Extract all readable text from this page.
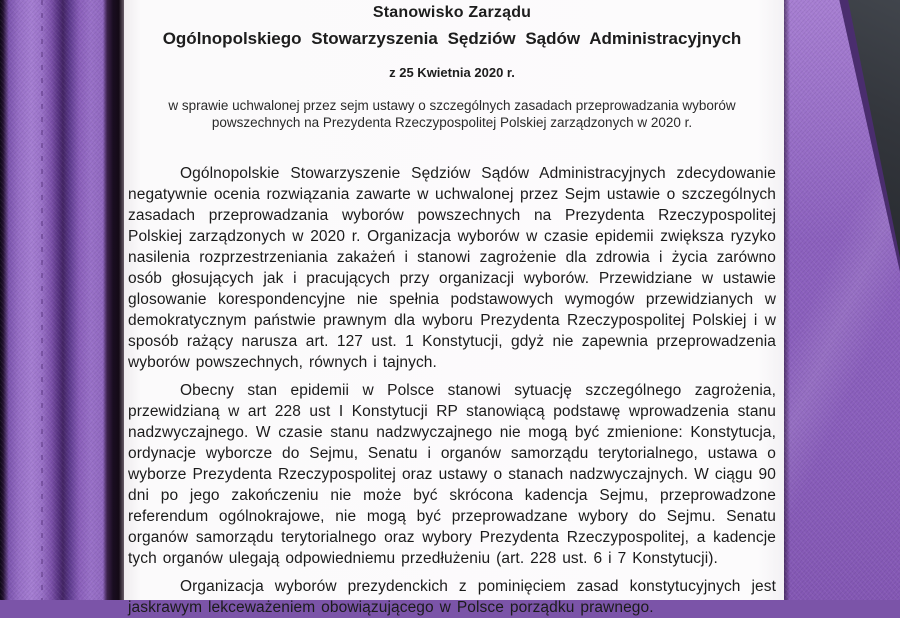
Stanowisko Zarządu
Ogólnopolskiego Stowarzyszenia Sędziów Sądów Administracyjnych
z 25 Kwietnia 2020 r.
w sprawie uchwalonej przez sejm ustawy o szczególnych zasadach przeprowadzania wyborów powszechnych na Prezydenta Rzeczypospolitej Polskiej zarządzonych w 2020 r.

Ogólnopolskie Stowarzyszenie Sędziów Sądów Administracyjnych zdecydowanie negatywnie ocenia rozwiązania zawarte w uchwalonej przez Sejm ustawie o szczególnych zasadach przeprowadzania wyborów powszechnych na Prezydenta Rzeczypospolitej Polskiej zarządzonych w 2020 r. Organizacja wyborów w czasie epidemii zwiększa ryzyko nasilenia rozprzestrzeniania zakażeń i stanowi zagrożenie dla zdrowia i życia zarówno osób głosujących jak i pracujących przy organizacji wyborów. Przewidziane w ustawie glosowanie korespondencyjne nie spełnia podstawowych wymogów przewidzianych w demokratycznym państwie prawnym dla wyboru Prezydenta Rzeczypospolitej Polskiej i w sposób rażący narusza art. 127 ust. 1 Konstytucji, gdyż nie zapewnia przeprowadzenia wyborów powszechnych, równych i tajnych.

Obecny stan epidemii w Polsce stanowi sytuację szczególnego zagrożenia, przewidzianą w art 228 ust I Konstytucji RP stanowiącą podstawę wprowadzenia stanu nadzwyczajnego. W czasie stanu nadzwyczajnego nie mogą być zmienione: Konstytucja, ordynacje wyborcze do Sejmu, Senatu i organów samorządu terytorialnego, ustawa o wyborze Prezydenta Rzeczypospolitej oraz ustawy o stanach nadzwyczajnych. W ciągu 90 dni po jego zakończeniu nie może być skrócona kadencja Sejmu, przeprowadzone referendum ogólnokrajowe, nie mogą być przeprowadzane wybory do Sejmu. Senatu organów samorządu terytorialnego oraz wybory Prezydenta Rzeczypospolitej, a kadencje tych organów ulegają odpowiedniemu przedłużeniu (art. 228 ust. 6 i 7 Konstytucji).

Organizacja wyborów prezydenckich z pominięciem zasad konstytucyjnych jest jaskrawym lekceważeniem obowiązującego w Polsce porządku prawnego.
